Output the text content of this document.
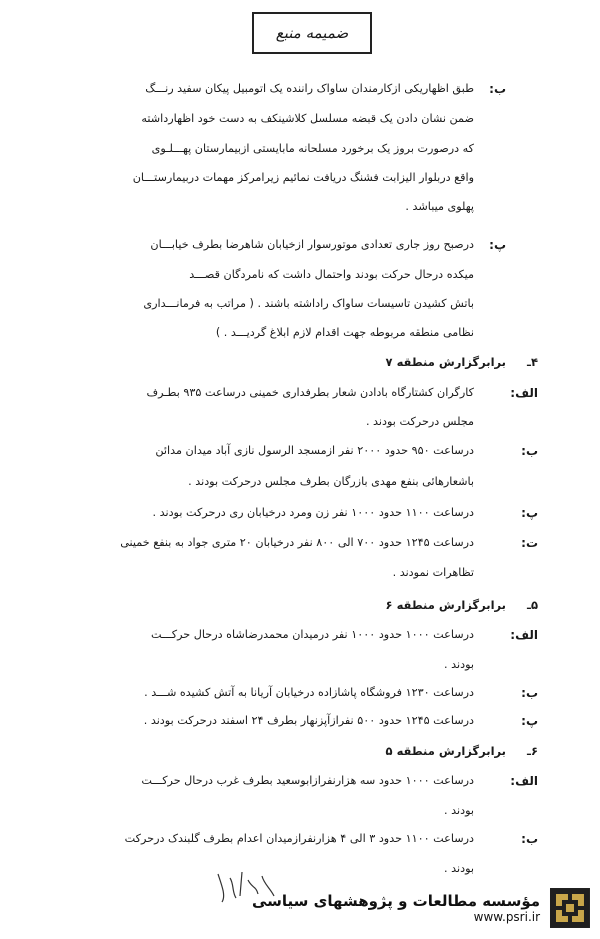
ضمیمه منبع
ب:
طبق اظهاریکی ازکارمندان ساواک راننده یک اتومبیل پیکان سفید رنـــگ
ضمن نشان دادن یک قبضه مسلسل کلاشینکف به دست خود اظهارداشته
که درصورت بروز یک برخورد مسلحانه مابایستی ازبیمارستان پهـــلـوی
واقع دربلوار الیزابت فشنگ دریافت نمائیم زیرامرکز مهمات دربیمارستـــان
پهلوی میباشد .
پ:
درصبح روز جاری تعدادی موتورسوار ازخیابان شاهرضا بطرف خیابـــان
میکده درحال حرکت بودند واحتمال داشت که نامردگان قصـــد
باتش کشیدن تاسیسات ساواک راداشته باشند . ( مراتب به فرمانـــداری
نظامی منطقه مربوطه جهت اقدام لازم ابلاغ گردیـــد . )
۴ـ
برابرگزارش منطقه ۷
الف:
کارگران کشتارگاه بادادن شعار بطرفداری خمینی درساعت ۹۳۵ بطـرف
مجلس درحرکت بودند .
ب:
درساعت ۹۵۰ حدود ۲۰۰۰ نفر ازمسجد الرسول نازی آباد میدان مدائن
باشعارهائی بنفع مهدی بازرگان بطرف مجلس درحرکت بودند .
پ:
درساعت ۱۱۰۰ حدود ۱۰۰۰ نفر زن ومرد درخیابان ری درحرکت بودند .
ت:
درساعت ۱۲۴۵ حدود ۷۰۰ الی ۸۰۰ نفر درخیابان ۲۰ متری جواد به بنفع خمینی
تظاهرات نمودند .
۵ـ
برابرگزارش منطقه ۶
الف:
درساعت ۱۰۰۰ حدود ۱۰۰۰ نفر درمیدان محمدرضاشاه درحال حرکـــت
بودند .
ب:
درساعت ۱۲۳۰ فروشگاه پاشازاده درخیابان آریانا به آتش کشیده شـــد .
پ:
درساعت ۱۲۴۵ حدود ۵۰۰ نفرازآپزنهار بطرف ۲۴ اسفند درحرکت بودند .
۶ـ
برابرگزارش منطقه ۵
الف:
درساعت ۱۰۰۰ حدود سه هزارنفرازابوسعید بطرف غرب درحال حرکـــت
بودند .
ب:
درساعت ۱۱۰۰ حدود ۳ الی ۴ هزارنفرازمیدان اعدام بطرف گلبندک درحرکت
بودند .
مؤسسه مطالعات و پژوهشهای سیاسی
www.psri.ir
